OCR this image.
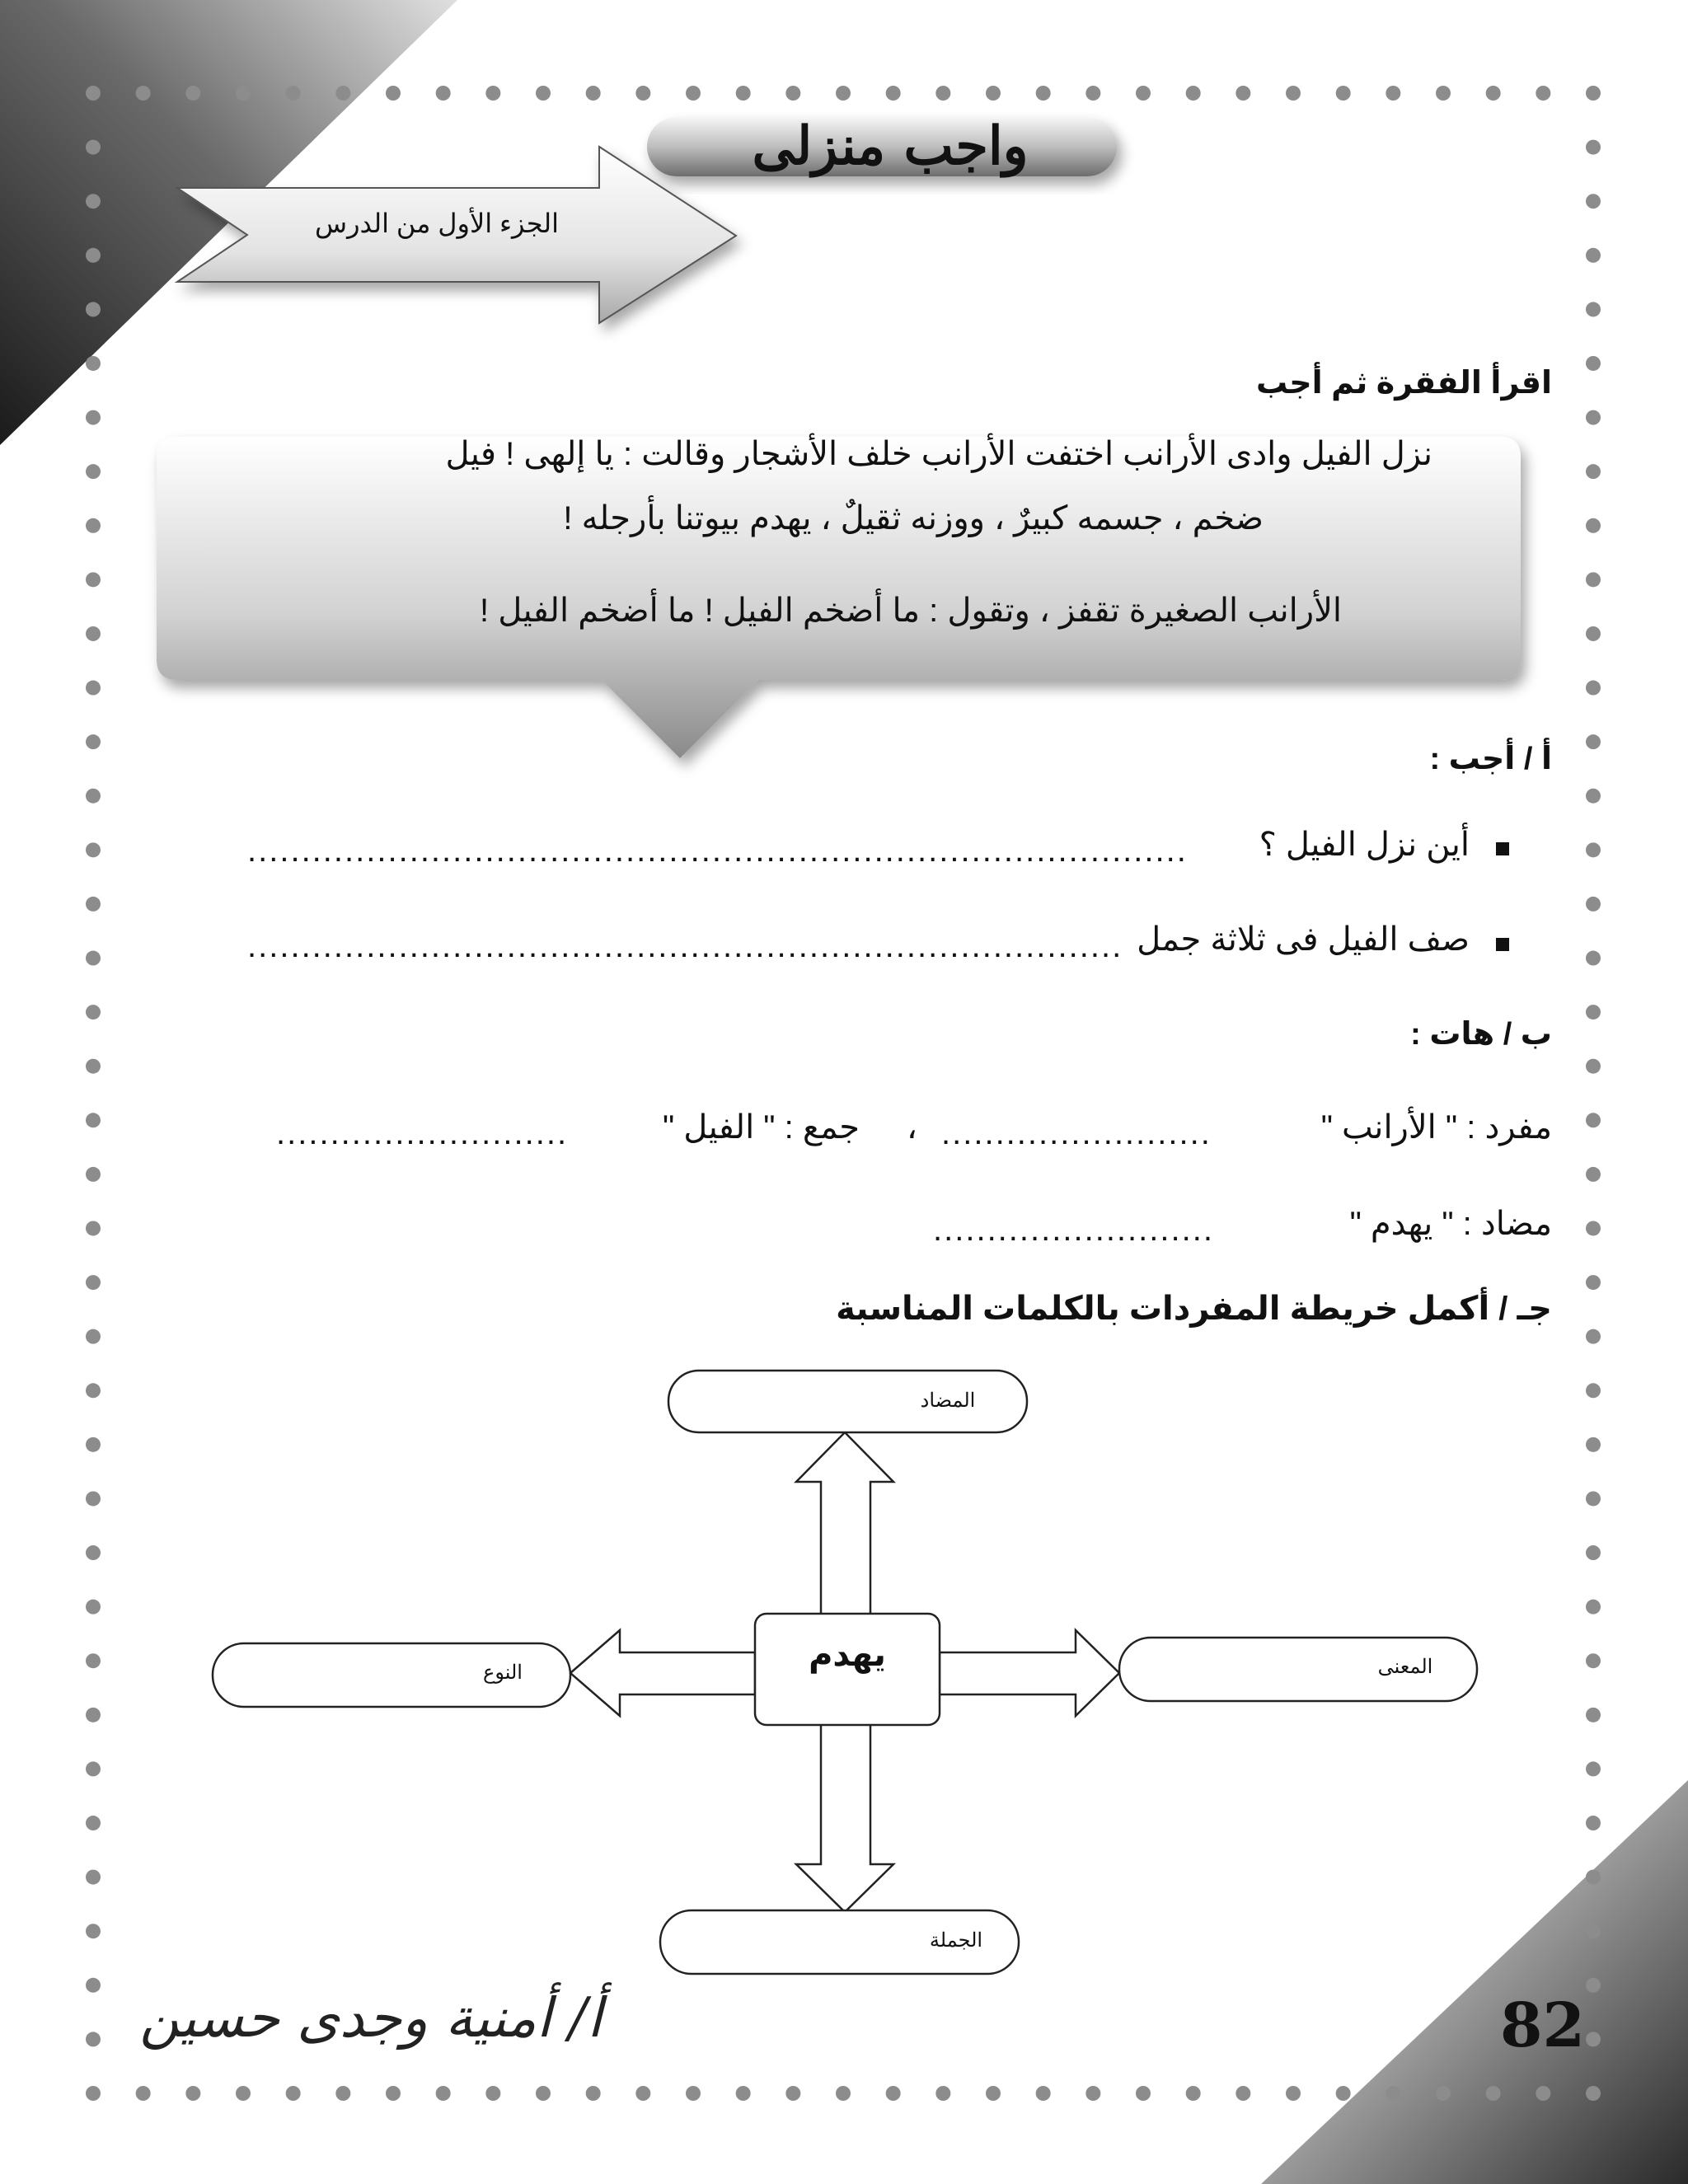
واجب منزلى
الجزء الأول من الدرس
اقرأ الفقرة ثم أجب
نزل الفيل وادى الأرانب اختفت الأرانب خلف الأشجار وقالت : يا إلهى ! فيل
ضخم ، جسمه كبيرٌ ، ووزنه ثقيلٌ ، يهدم بيوتنا بأرجله !
الأرانب الصغيرة تقفز ، وتقول : ما أضخم الفيل ! ما أضخم الفيل !
أ / أجب :
أين نزل الفيل ؟
.......................................................................................
صف الفيل فى ثلاثة جمل
.................................................................................
ب / هات :
مفرد : " الأرانب "
.........................
،
جمع : " الفيل "
...........................
مضاد : " يهدم "
..........................
جـ / أكمل خريطة المفردات بالكلمات المناسبة
يهدم
المضاد
المعنى
النوع
الجملة
أ/ أمنية وجدى حسين	82
